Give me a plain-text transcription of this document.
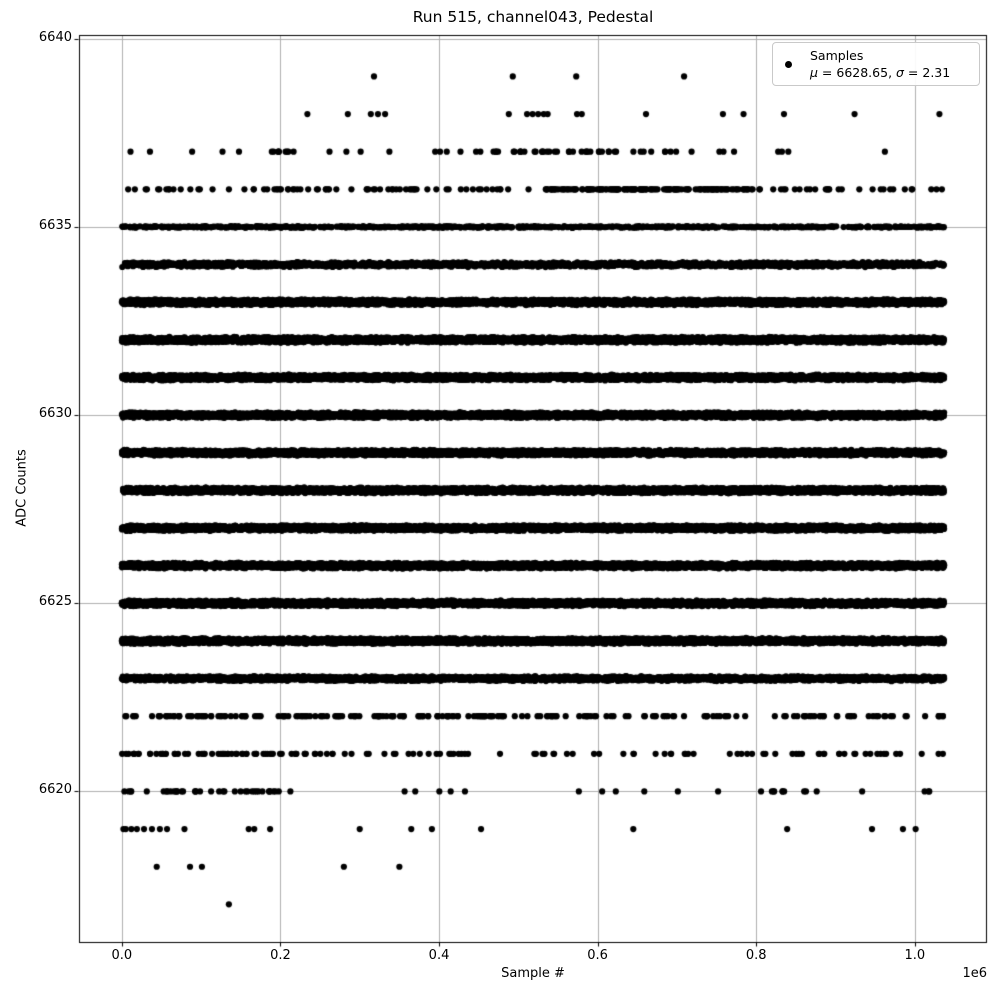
Run 515, channel043, Pedestal
ADC Counts
Sample #	1e6
0.0	0.2	0.4	0.6	0.8	1.0
6620
6625
6630
6635
6640
Samples
μ = 6628.65, σ = 2.31
